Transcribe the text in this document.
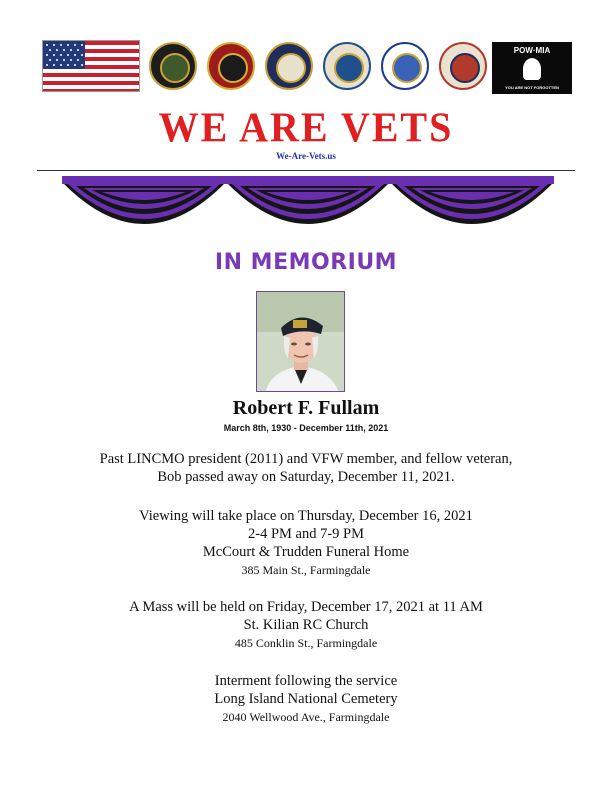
POW·MIA
YOU ARE NOT FORGOTTEN
WE ARE VETS
We-Are-Vets.us
IN MEMORIUM
Robert F. Fullam
March 8th, 1930 - December 11th, 2021
Past LINCMO president (2011) and VFW member, and fellow veteran,
Bob passed away on Saturday, December 11, 2021.
Viewing will take place on Thursday, December 16, 2021
2-4 PM and 7-9 PM
McCourt & Trudden Funeral Home
385 Main St., Farmingdale
A Mass will be held on Friday, December 17, 2021 at 11 AM
St. Kilian RC Church
485 Conklin St., Farmingdale
Interment following the service
Long Island National Cemetery
2040 Wellwood Ave., Farmingdale
